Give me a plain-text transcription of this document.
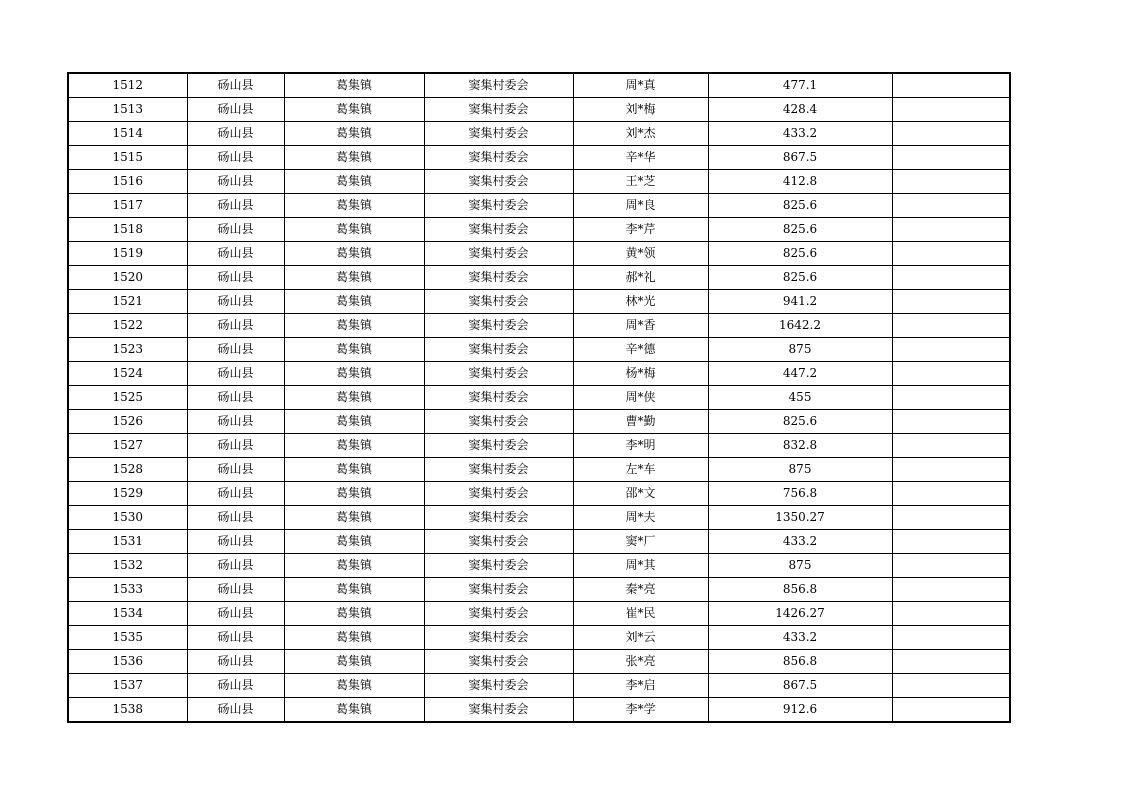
1512	砀山县	葛集镇	窦集村委会	周*真	477.1	
1513	砀山县	葛集镇	窦集村委会	刘*梅	428.4	
1514	砀山县	葛集镇	窦集村委会	刘*杰	433.2	
1515	砀山县	葛集镇	窦集村委会	辛*华	867.5	
1516	砀山县	葛集镇	窦集村委会	王*芝	412.8	
1517	砀山县	葛集镇	窦集村委会	周*良	825.6	
1518	砀山县	葛集镇	窦集村委会	李*芹	825.6	
1519	砀山县	葛集镇	窦集村委会	黄*领	825.6	
1520	砀山县	葛集镇	窦集村委会	郝*礼	825.6	
1521	砀山县	葛集镇	窦集村委会	林*光	941.2	
1522	砀山县	葛集镇	窦集村委会	周*香	1642.2	
1523	砀山县	葛集镇	窦集村委会	辛*德	875	
1524	砀山县	葛集镇	窦集村委会	杨*梅	447.2	
1525	砀山县	葛集镇	窦集村委会	周*侠	455	
1526	砀山县	葛集镇	窦集村委会	曹*勤	825.6	
1527	砀山县	葛集镇	窦集村委会	李*明	832.8	
1528	砀山县	葛集镇	窦集村委会	左*车	875	
1529	砀山县	葛集镇	窦集村委会	邵*文	756.8	
1530	砀山县	葛集镇	窦集村委会	周*夫	1350.27	
1531	砀山县	葛集镇	窦集村委会	窦*厂	433.2	
1532	砀山县	葛集镇	窦集村委会	周*其	875	
1533	砀山县	葛集镇	窦集村委会	秦*亮	856.8	
1534	砀山县	葛集镇	窦集村委会	崔*民	1426.27	
1535	砀山县	葛集镇	窦集村委会	刘*云	433.2	
1536	砀山县	葛集镇	窦集村委会	张*亮	856.8	
1537	砀山县	葛集镇	窦集村委会	李*启	867.5	
1538	砀山县	葛集镇	窦集村委会	李*学	912.6	
